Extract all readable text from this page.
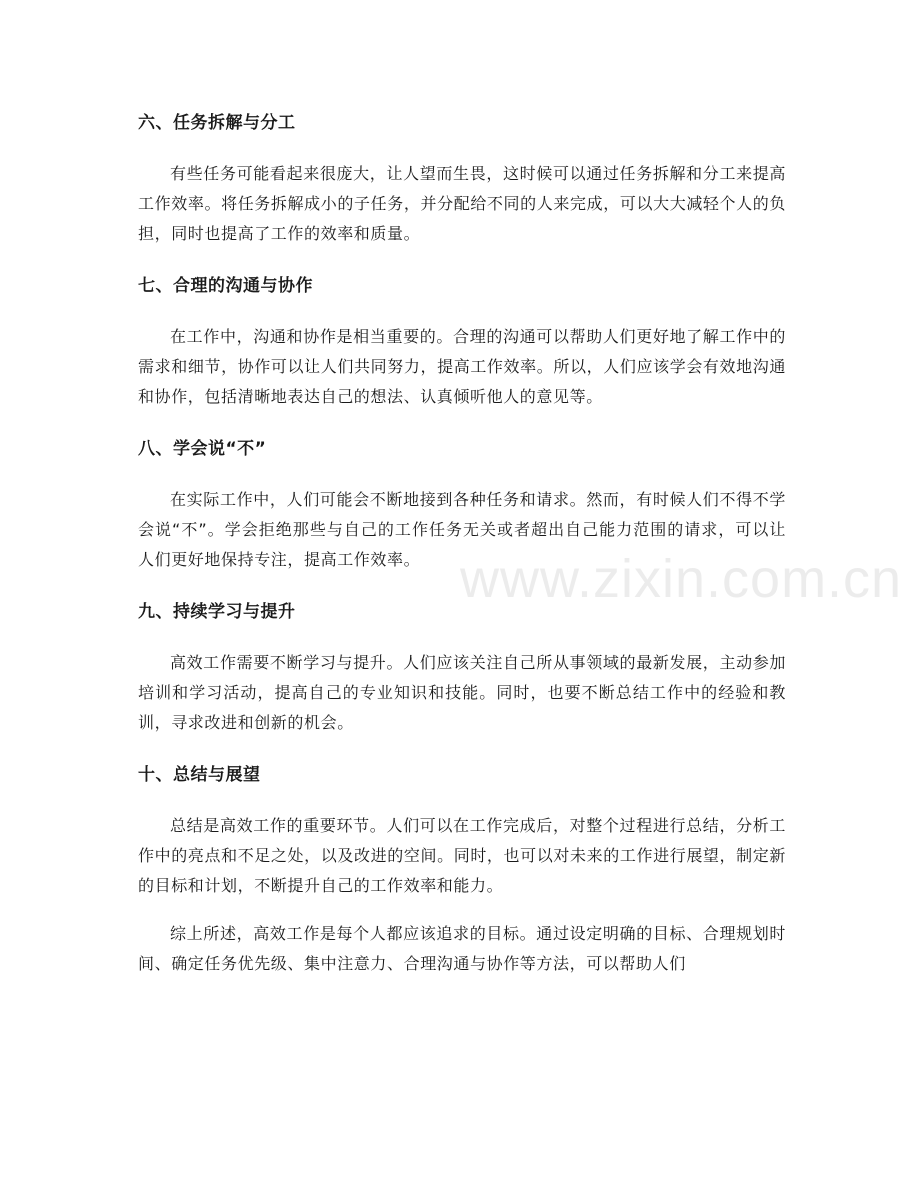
六、任务拆解与分工

有些任务可能看起来很庞大，让人望而生畏，这时候可以通过任务拆解和分工来提高工作效率。将任务拆解成小的子任务，并分配给不同的人来完成，可以大大减轻个人的负担，同时也提高了工作的效率和质量。

七、合理的沟通与协作

在工作中，沟通和协作是相当重要的。合理的沟通可以帮助人们更好地了解工作中的需求和细节，协作可以让人们共同努力，提高工作效率。所以，人们应该学会有效地沟通和协作，包括清晰地表达自己的想法、认真倾听他人的意见等。

八、学会说“不”

在实际工作中，人们可能会不断地接到各种任务和请求。然而，有时候人们不得不学会说“不”。学会拒绝那些与自己的工作任务无关或者超出自己能力范围的请求，可以让人们更好地保持专注，提高工作效率。

九、持续学习与提升

高效工作需要不断学习与提升。人们应该关注自己所从事领域的最新发展，主动参加培训和学习活动，提高自己的专业知识和技能。同时，也要不断总结工作中的经验和教训，寻求改进和创新的机会。

十、总结与展望

总结是高效工作的重要环节。人们可以在工作完成后，对整个过程进行总结，分析工作中的亮点和不足之处，以及改进的空间。同时，也可以对未来的工作进行展望，制定新的目标和计划，不断提升自己的工作效率和能力。

综上所述，高效工作是每个人都应该追求的目标。通过设定明确的目标、合理规划时间、确定任务优先级、集中注意力、合理沟通与协作等方法，可以帮助人们

www.zixin.com.cn
